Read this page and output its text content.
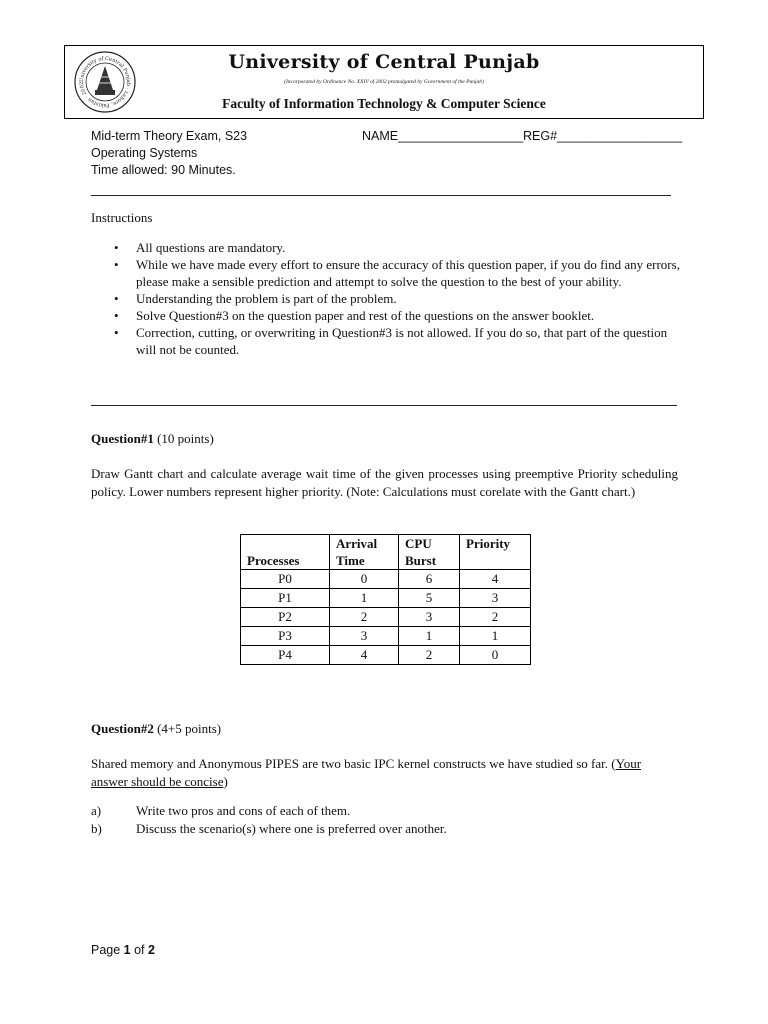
University of Central Punjab · Lahore, Pakistan · 2002
University of Central Punjab
(Incorporated by Ordinance No. XXIV of 2002 promulgated by Government of the Punjab)
Faculty of Information Technology & Computer Science
Mid-term Theory Exam, S23
Operating Systems
Time allowed: 90 Minutes.
NAME__________________ REG#__________________
Instructions
• All questions are mandatory.
• While we have made every effort to ensure the accuracy of this question paper, if you do find any errors, please make a sensible prediction and attempt to solve the question to the best of your ability.
• Understanding the problem is part of the problem.
• Solve Question#3 on the question paper and rest of the questions on the answer booklet.
• Correction, cutting, or overwriting in Question#3 is not allowed. If you do so, that part of the question will not be counted.
Question#1 (10 points)
Draw Gantt chart and calculate average wait time of the given processes using preemptive Priority scheduling policy. Lower numbers represent higher priority. (Note: Calculations must corelate with the Gantt chart.)
Processes	Arrival Time	CPU Burst	Priority
P0	0	6	4
P1	1	5	3
P2	2	3	2
P3	3	1	1
P4	4	2	0
Question#2 (4+5 points)
Shared memory and Anonymous PIPES are two basic IPC kernel constructs we have studied so far. (Your answer should be concise)
a)	Write two pros and cons of each of them.
b)	Discuss the scenario(s) where one is preferred over another.
Page 1 of 2
